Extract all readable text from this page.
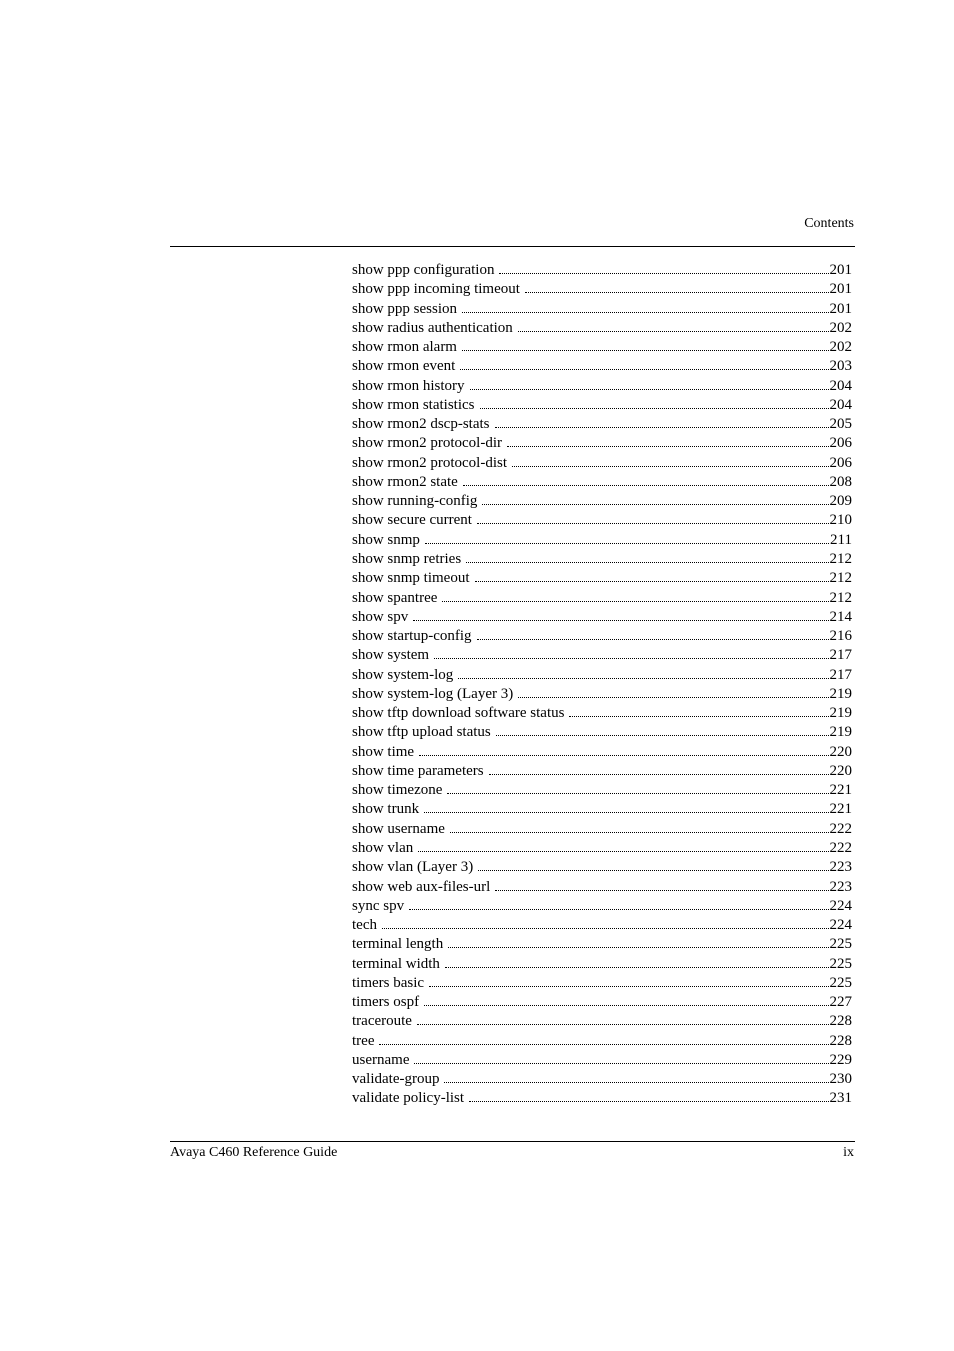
Contents
show ppp configuration	201
show ppp incoming timeout	201
show ppp session	201
show radius authentication	202
show rmon alarm	202
show rmon event	203
show rmon history	204
show rmon statistics	204
show rmon2 dscp-stats	205
show rmon2 protocol-dir	206
show rmon2 protocol-dist	206
show rmon2 state	208
show running-config	209
show secure current	210
show snmp	211
show snmp retries	212
show snmp timeout	212
show spantree	212
show spv	214
show startup-config	216
show system	217
show system-log	217
show system-log (Layer 3)	219
show tftp download software status	219
show tftp upload status	219
show time	220
show time parameters	220
show timezone	221
show trunk	221
show username	222
show vlan	222
show vlan (Layer 3)	223
show web aux-files-url	223
sync spv	224
tech	224
terminal length	225
terminal width	225
timers basic	225
timers ospf	227
traceroute	228
tree	228
username	229
validate-group	230
validate policy-list	231
Avaya C460 Reference Guide	ix
